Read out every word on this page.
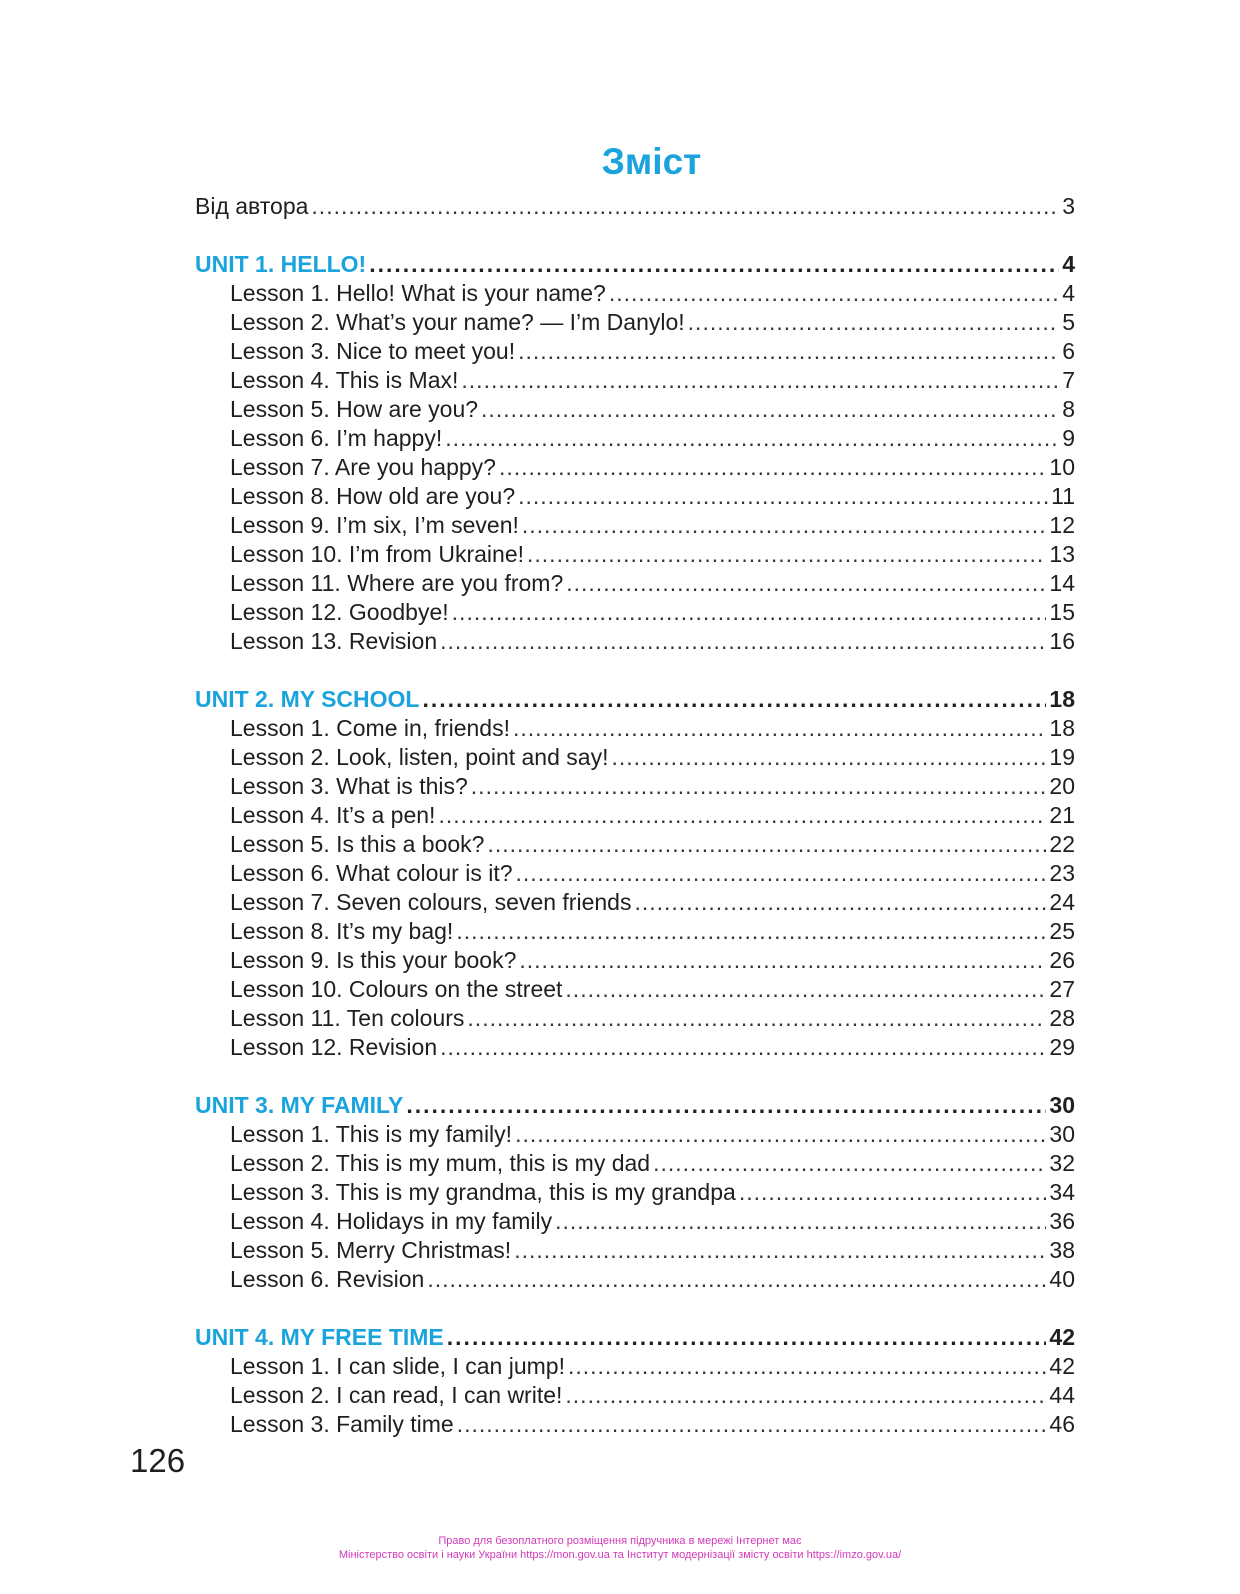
Зміст
Від автора .....	3
UNIT 1. HELLO! .....	4
Lesson 1. Hello! What is your name? .....	4
Lesson 2. What’s your name? — I’m Danylo! .....	5
Lesson 3. Nice to meet you! .....	6
Lesson 4. This is Max! .....	7
Lesson 5. How are you? .....	8
Lesson 6. I’m happy! .....	9
Lesson 7. Are you happy? .....	10
Lesson 8. How old are you? .....	11
Lesson 9. I’m six, I’m seven! .....	12
Lesson 10. I’m from Ukraine! .....	13
Lesson 11. Where are you from? .....	14
Lesson 12. Goodbye! .....	15
Lesson 13. Revision .....	16
UNIT 2. MY SCHOOL .....	18
Lesson 1. Come in, friends! .....	18
Lesson 2. Look, listen, point and say! .....	19
Lesson 3. What is this? .....	20
Lesson 4. It’s a pen! .....	21
Lesson 5. Is this a book? .....	22
Lesson 6. What colour is it? .....	23
Lesson 7. Seven colours, seven friends .....	24
Lesson 8. It’s my bag! .....	25
Lesson 9. Is this your book? .....	26
Lesson 10. Colours on the street .....	27
Lesson 11. Ten colours .....	28
Lesson 12. Revision .....	29
UNIT 3. MY FAMILY .....	30
Lesson 1. This is my family! .....	30
Lesson 2. This is my mum, this is my dad .....	32
Lesson 3. This is my grandma, this is my grandpa .....	34
Lesson 4. Holidays in my family .....	36
Lesson 5. Merry Christmas! .....	38
Lesson 6. Revision .....	40
UNIT 4. MY FREE TIME .....	42
Lesson 1. I can slide, I can jump! .....	42
Lesson 2. I can read, I can write! .....	44
Lesson 3. Family time .....	46
126
Право для безоплатного розміщення підручника в мережі Інтернет має
Міністерство освіти і науки України https://mon.gov.ua та Інститут модернізації змісту освіти https://imzo.gov.ua/
